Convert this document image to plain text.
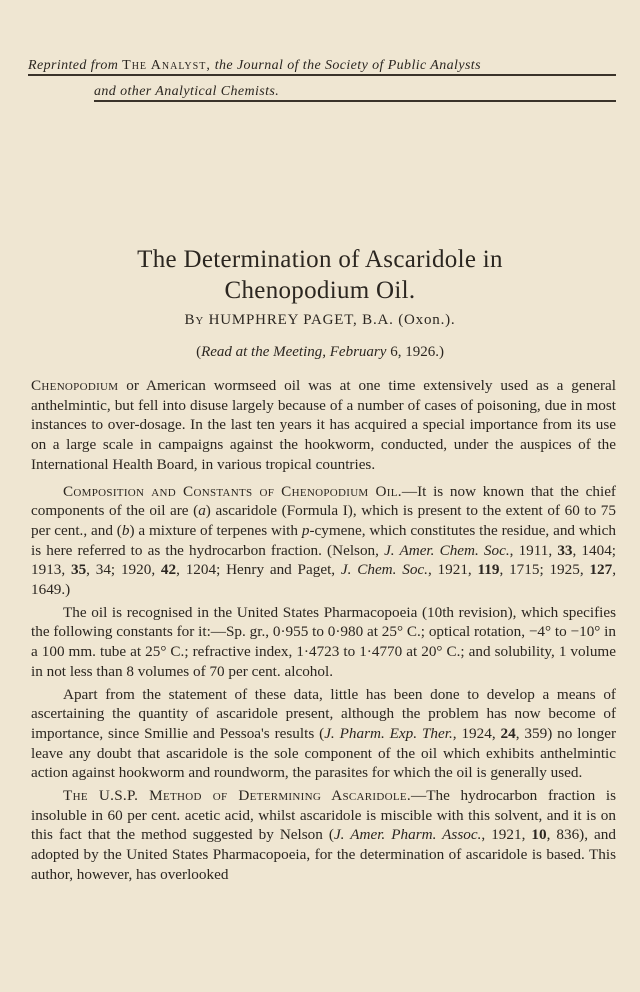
Reprinted from The Analyst, the Journal of the Society of Public Analysts
and other Analytical Chemists.
The Determination of Ascaridole in
Chenopodium Oil.
By HUMPHREY PAGET, B.A. (Oxon.).
(Read at the Meeting, February 6, 1926.)

Chenopodium or American wormseed oil was at one time extensively used as a general anthelmintic, but fell into disuse largely because of a number of cases of poisoning, due in most instances to over-dosage. In the last ten years it has acquired a special importance from its use on a large scale in campaigns against the hookworm, conducted, under the auspices of the International Health Board, in various tropical countries.

Composition and Constants of Chenopodium Oil.—It is now known that the chief components of the oil are (a) ascaridole (Formula I), which is present to the extent of 60 to 75 per cent., and (b) a mixture of terpenes with p-cymene, which constitutes the residue, and which is here referred to as the hydrocarbon fraction. (Nelson, J. Amer. Chem. Soc., 1911, 33, 1404; 1913, 35, 34; 1920, 42, 1204; Henry and Paget, J. Chem. Soc., 1921, 119, 1715; 1925, 127, 1649.)

The oil is recognised in the United States Pharmacopoeia (10th revision), which specifies the following constants for it:—Sp. gr., 0·955 to 0·980 at 25° C.; optical rotation, −4° to −10° in a 100 mm. tube at 25° C.; refractive index, 1·4723 to 1·4770 at 20° C.; and solubility, 1 volume in not less than 8 volumes of 70 per cent. alcohol.

Apart from the statement of these data, little has been done to develop a means of ascertaining the quantity of ascaridole present, although the problem has now become of importance, since Smillie and Pessoa's results (J. Pharm. Exp. Ther., 1924, 24, 359) no longer leave any doubt that ascaridole is the sole component of the oil which exhibits anthelmintic action against hookworm and roundworm, the parasites for which the oil is generally used.

The U.S.P. Method of Determining Ascaridole.—The hydrocarbon fraction is insoluble in 60 per cent. acetic acid, whilst ascaridole is miscible with this solvent, and it is on this fact that the method suggested by Nelson (J. Amer. Pharm. Assoc., 1921, 10, 836), and adopted by the United States Pharmacopoeia, for the determination of ascaridole is based. This author, however, has overlooked
